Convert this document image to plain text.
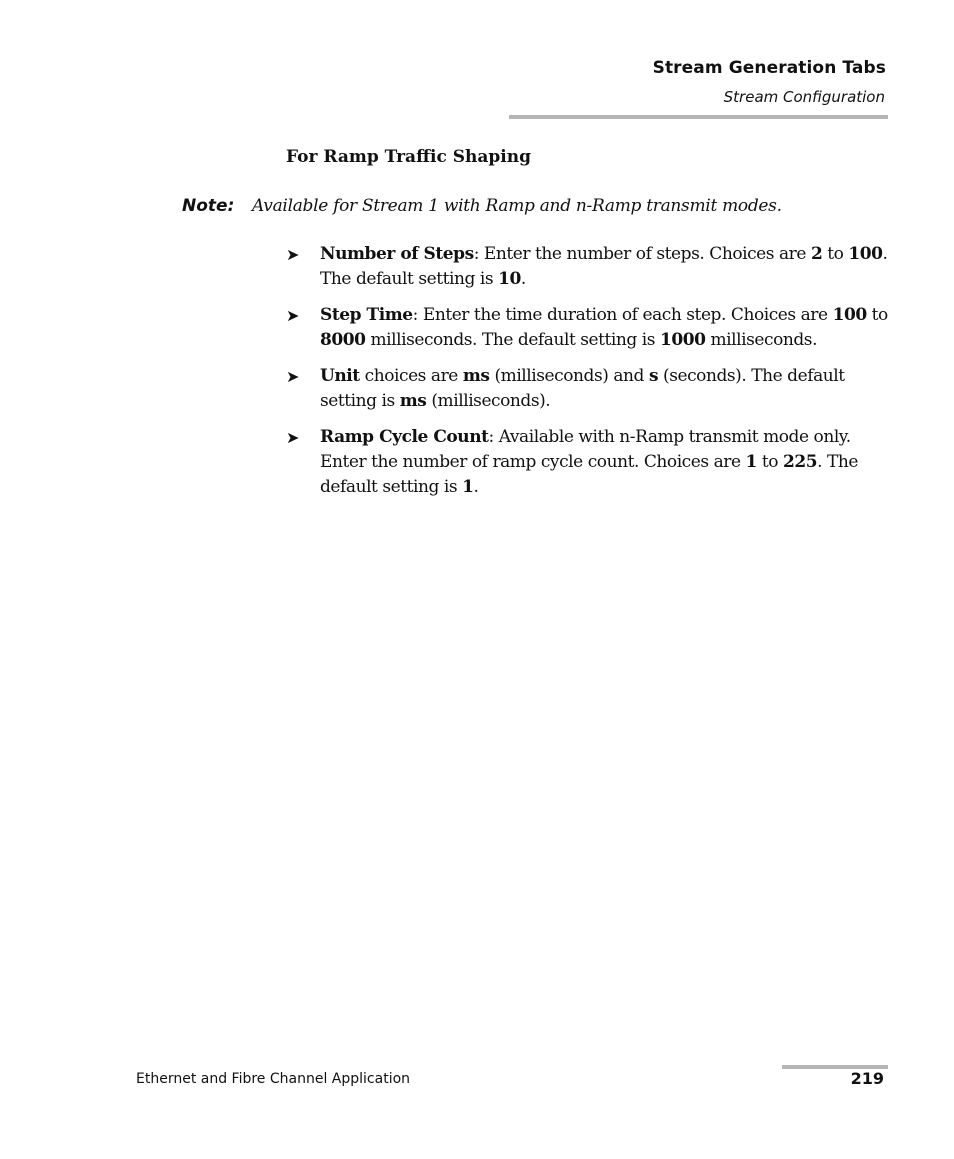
Stream Generation Tabs
Stream Configuration
For Ramp Traffic Shaping
Note: Available for Stream 1 with Ramp and n-Ramp transmit modes.
➤ Number of Steps: Enter the number of steps. Choices are 2 to 100. The default setting is 10.
➤ Step Time: Enter the time duration of each step. Choices are 100 to 8000 milliseconds. The default setting is 1000 milliseconds.
➤ Unit choices are ms (milliseconds) and s (seconds). The default setting is ms (milliseconds).
➤ Ramp Cycle Count: Available with n-Ramp transmit mode only. Enter the number of ramp cycle count. Choices are 1 to 225. The default setting is 1.
Ethernet and Fibre Channel Application	219
